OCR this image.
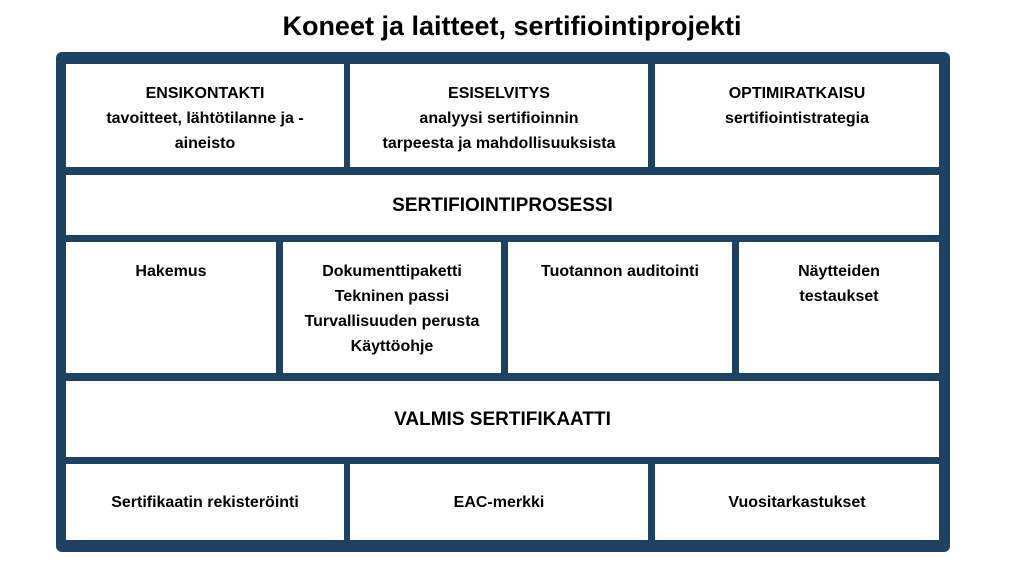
Koneet ja laitteet, sertifiointiprojekti
ENSIKONTAKTI
tavoitteet, lähtötilanne ja -
aineisto
ESISELVITYS
analyysi sertifioinnin
tarpeesta ja mahdollisuuksista
OPTIMIRATKAISU
sertifiointistrategia
SERTIFIOINTIPROSESSI
Hakemus	Dokumenttipaketti
Tekninen passi
Turvallisuuden perusta
Käyttöohje
Tuotannon auditointi	Näytteiden
testaukset
VALMIS SERTIFIKAATTI
Sertifikaatin rekisteröinti	EAC-merkki	Vuositarkastukset
